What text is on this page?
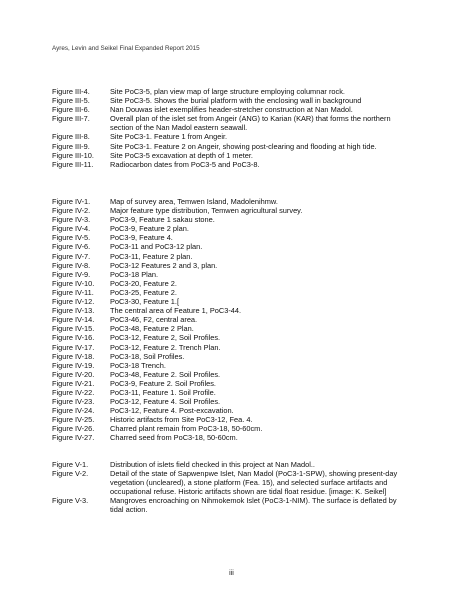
Ayres, Levin and Seikel Final Expanded Report 2015
Figure III-4.	Site PoC3-5, plan view map of large structure employing columnar rock.
Figure III-5.	Site PoC3-5. Shows the burial platform with the enclosing wall in background
Figure III-6.	Nan Douwas islet exemplifies header-stretcher construction at Nan Madol.
Figure III-7.	Overall plan of the islet set from Angeir (ANG) to Karian (KAR) that forms the northern section of the Nan Madol eastern seawall.
Figure III-8.	Site PoC3-1. Feature 1 from Angeir.
Figure III-9.	Site PoC3-1. Feature 2 on Angeir, showing post-clearing and flooding at high tide.
Figure III-10.	Site PoC3-5 excavation at depth of 1 meter.
Figure III-11.	Radiocarbon dates from PoC3-5 and PoC3-8.
Figure IV-1.	Map of survey area, Temwen Island, Madolenihmw.
Figure IV-2.	Major feature type distribution, Temwen agricultural survey.
Figure IV-3.	PoC3-9, Feature 1 sakau stone.
Figure IV-4.	PoC3-9, Feature 2 plan.
Figure IV-5.	PoC3-9, Feature 4.
Figure IV-6.	PoC3-11 and PoC3-12 plan.
Figure IV-7.	PoC3-11, Feature 2 plan.
Figure IV-8.	PoC3-12 Features 2 and 3, plan.
Figure IV-9.	PoC3-18 Plan.
Figure IV-10.	PoC3-20, Feature 2.
Figure IV-11.	PoC3-25, Feature 2.
Figure IV-12.	PoC3-30, Feature 1.[
Figure IV-13.	The central area of Feature 1, PoC3-44.
Figure IV-14.	PoC3-46, F2, central area.
Figure IV-15.	PoC3-48, Feature 2 Plan.
Figure IV-16.	PoC3-12, Feature 2, Soil Profiles.
Figure IV-17.	PoC3-12, Feature 2. Trench Plan.
Figure IV-18.	PoC3-18, Soil Profiles.
Figure IV-19.	PoC3-18 Trench.
Figure IV-20.	PoC3-48, Feature 2. Soil Profiles.
Figure IV-21.	PoC3-9, Feature 2. Soil Profiles.
Figure IV-22.	PoC3-11, Feature 1. Soil Profile.
Figure IV-23.	PoC3-12, Feature 4. Soil Profiles.
Figure IV-24.	PoC3-12, Feature 4. Post-excavation.
Figure IV-25.	Historic artifacts from Site PoC3-12, Fea. 4.
Figure IV-26.	Charred plant remain from PoC3-18, 50-60cm.
Figure IV-27.	Charred seed from PoC3-18, 50-60cm.
Figure V-1.	Distribution of islets field checked in this project at Nan Madol..
Figure V-2.	Detail of the state of Sapwenpwe Islet, Nan Madol (PoC3-1-SPW), showing present-day vegetation (uncleared), a stone platform (Fea. 15), and selected surface artifacts and occupational refuse. Historic artifacts shown are tidal float residue. [image: K. Seikel]
Figure V-3.	Mangroves encroaching on Nihmokemok Islet (PoC3-1-NIM). The surface is deflated by tidal action.
iii
